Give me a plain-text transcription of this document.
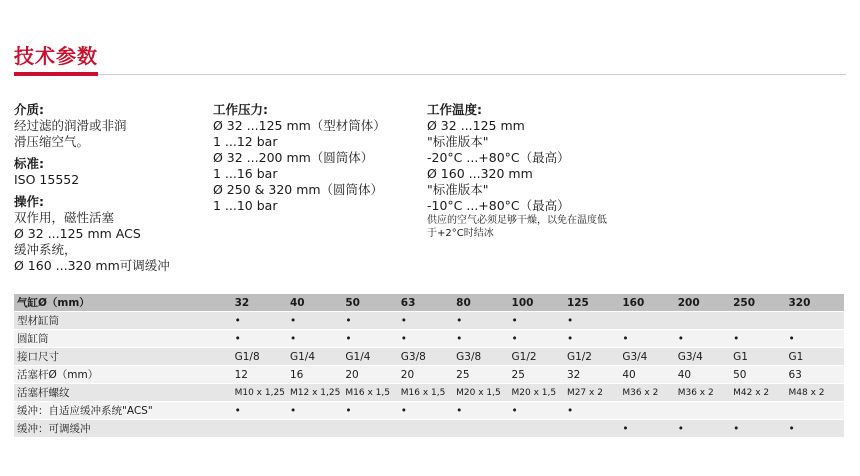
技术参数
介质:
经过滤的润滑或非润
滑压缩空气。
标准:
ISO 15552
操作:
双作用，磁性活塞
Ø 32 ...125 mm ACS
缓冲系统，
Ø 160 ...320 mm可调缓冲
工作压力:
Ø 32 ...125 mm（型材筒体）
1 ...12 bar
Ø 32 ...200 mm（圆筒体）
1 ...16 bar
Ø 250 & 320 mm（圆筒体）
1 ...10 bar
工作温度:
Ø 32 ...125 mm
"标准版本"
-20°C ...+80°C（最高）
Ø 160 ...320 mm
"标准版本"
-10°C ...+80°C（最高）
供应的空气必须足够干燥，以免在温度低
于+2°C时结冰
气缸Ø（mm）	32	40	50	63	80	100	125	160	200	250	320
型材缸筒	•	•	•	•	•	•	•				
圆缸筒	•	•	•	•	•	•	•	•	•	•	•
接口尺寸	G1/8	G1/4	G1/4	G3/8	G3/8	G1/2	G1/2	G3/4	G3/4	G1	G1
活塞杆Ø（mm）	12	16	20	20	25	25	32	40	40	50	63
活塞杆螺纹	M10 x 1,25	M12 x 1,25	M16 x 1,5	M16 x 1,5	M20 x 1,5	M20 x 1,5	M27 x 2	M36 x 2	M36 x 2	M42 x 2	M48 x 2
缓冲：自适应缓冲系统"ACS"	•	•	•	•	•	•	•				
缓冲：可调缓冲								•	•	•	•
